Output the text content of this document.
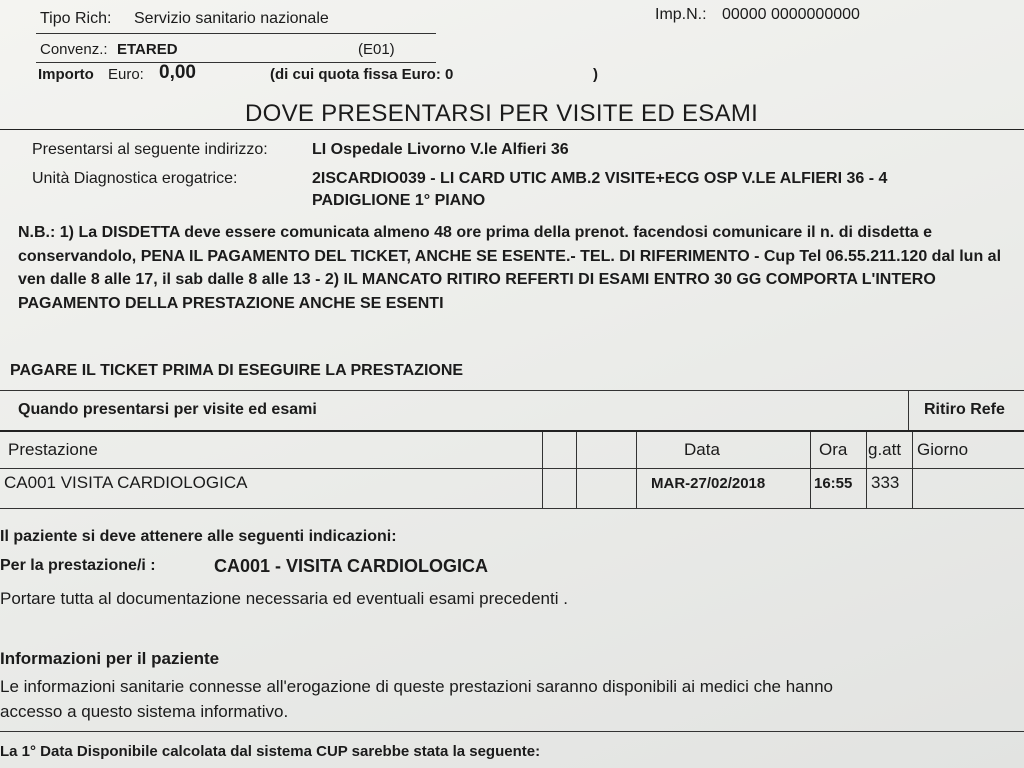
Tipo Rich: Servizio sanitario nazionale	Imp.N.: 00000 0000000000
Convenz.: ETARED	(E01)
Importo Euro: 0,00	(di cui quota fissa Euro: 0	)
DOVE PRESENTARSI PER VISITE ED ESAMI
Presentarsi al seguente indirizzo:	LI Ospedale Livorno V.le Alfieri 36
Unità Diagnostica erogatrice:	2ISCARDIO039 - LI CARD UTIC AMB.2 VISITE+ECG OSP V.LE ALFIERI 36 - 4
PADIGLIONE 1° PIANO
N.B.: 1) La DISDETTA deve essere comunicata almeno 48 ore prima della prenot. facendosi comunicare il n. di disdetta e conservandolo, PENA IL PAGAMENTO DEL TICKET, ANCHE SE ESENTE.- TEL. DI RIFERIMENTO - Cup Tel 06.55.211.120 dal lun al ven dalle 8 alle 17, il sab dalle 8 alle 13 - 2) IL MANCATO RITIRO REFERTI DI ESAMI ENTRO 30 GG COMPORTA L'INTERO PAGAMENTO DELLA PRESTAZIONE ANCHE SE ESENTI
PAGARE IL TICKET PRIMA DI ESEGUIRE LA PRESTAZIONE
Quando presentarsi per visite ed esami	Ritiro Refe
Prestazione	Data	Ora g.att Giorno
CA001 VISITA CARDIOLOGICA	MAR-27/02/2018	16:55 333
Il paziente si deve attenere alle seguenti indicazioni:
Per la prestazione/i :	CA001 - VISITA CARDIOLOGICA
Portare tutta al documentazione necessaria ed eventuali esami precedenti .
Informazioni per il paziente
Le informazioni sanitarie connesse all'erogazione di queste prestazioni saranno disponibili ai medici che hanno
accesso a questo sistema informativo.
La 1° Data Disponibile calcolata dal sistema CUP sarebbe stata la seguente:
